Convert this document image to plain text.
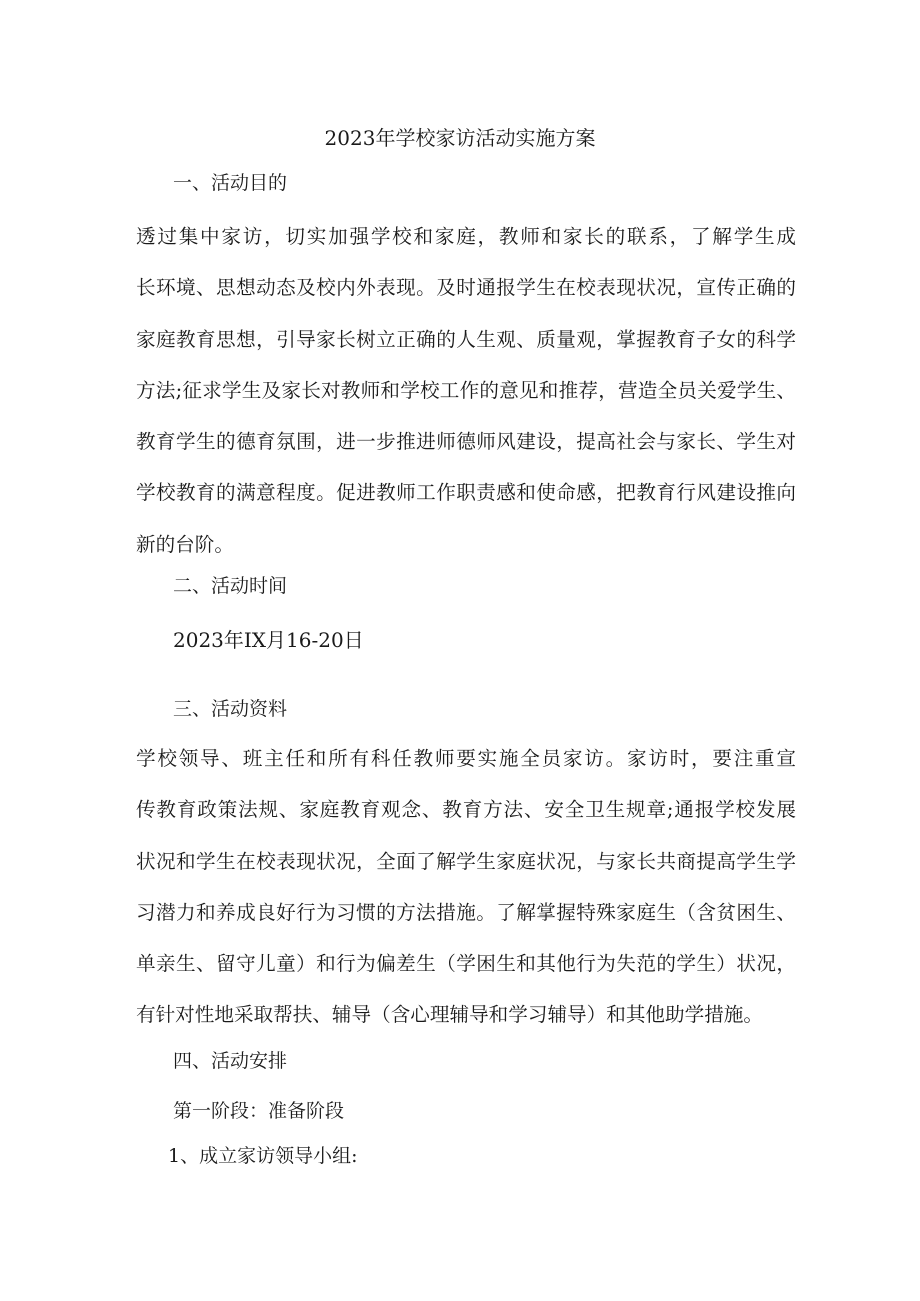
2023年学校家访活动实施方案
一、活动目的
透过集中家访，切实加强学校和家庭，教师和家长的联系，了解学生成
长环境、思想动态及校内外表现。及时通报学生在校表现状况，宣传正确的
家庭教育思想，引导家长树立正确的人生观、质量观，掌握教育子女的科学
方法;征求学生及家长对教师和学校工作的意见和推荐，营造全员关爱学生、
教育学生的德育氛围，进一步推进师德师风建设，提高社会与家长、学生对
学校教育的满意程度。促进教师工作职责感和使命感，把教育行风建设推向
新的台阶。
二、活动时间
2023年IX月16-20日
三、活动资料
学校领导、班主任和所有科任教师要实施全员家访。家访时，要注重宣
传教育政策法规、家庭教育观念、教育方法、安全卫生规章;通报学校发展
状况和学生在校表现状况，全面了解学生家庭状况，与家长共商提高学生学
习潜力和养成良好行为习惯的方法措施。了解掌握特殊家庭生（含贫困生、
单亲生、留守儿童）和行为偏差生（学困生和其他行为失范的学生）状况，
有针对性地采取帮扶、辅导（含心理辅导和学习辅导）和其他助学措施。
四、活动安排
第一阶段：准备阶段
1、成立家访领导小组:
